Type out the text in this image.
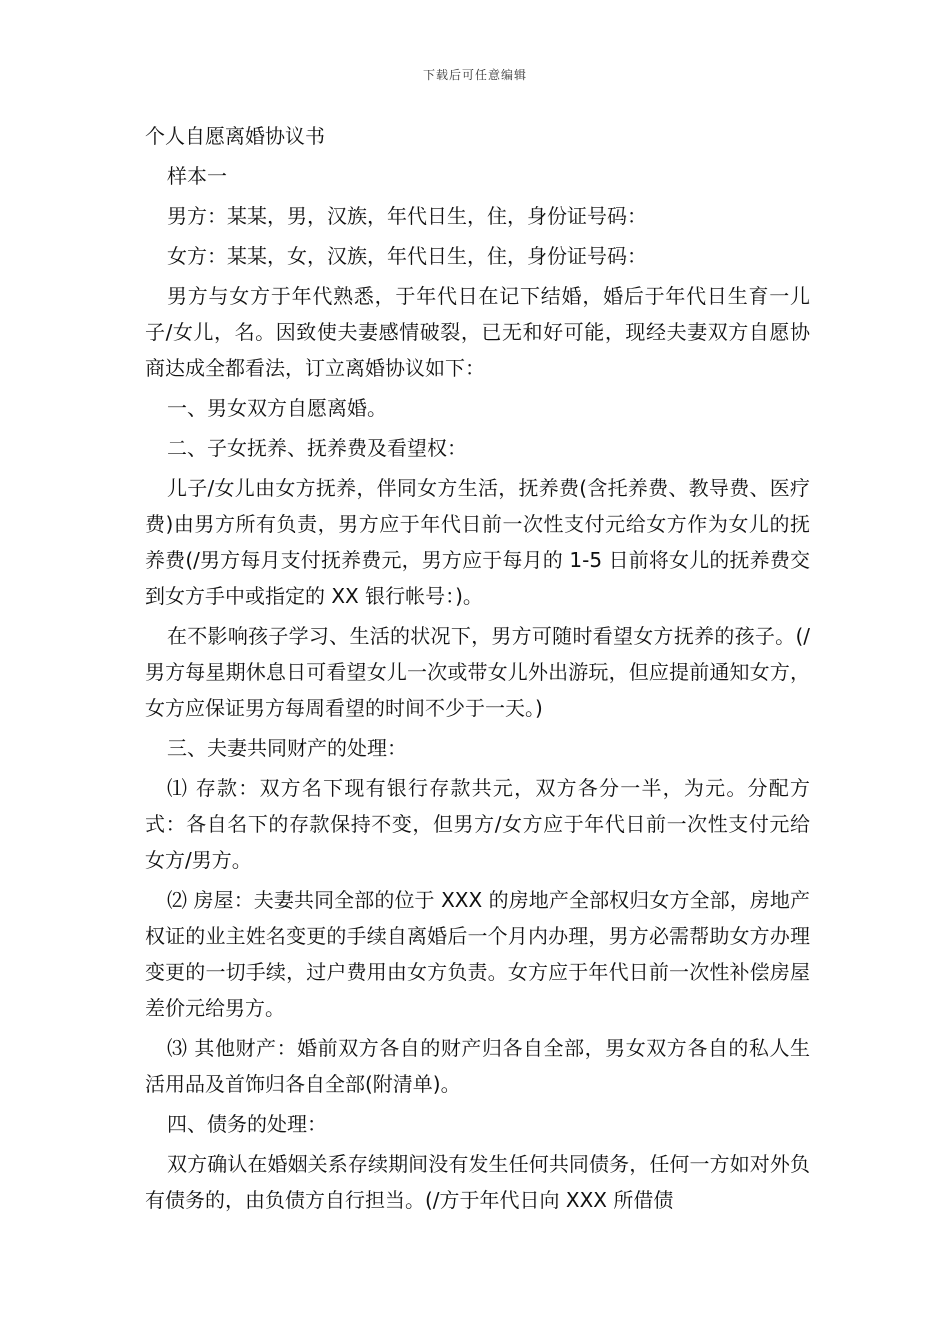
下载后可任意编辑
个人自愿离婚协议书

样本一

男方：某某，男，汉族，年代日生，住，身份证号码：

女方：某某，女，汉族，年代日生，住，身份证号码：

男方与女方于年代熟悉，于年代日在记下结婚，婚后于年代日生育一儿子/女儿，名。因致使夫妻感情破裂，已无和好可能，现经夫妻双方自愿协商达成全都看法，订立离婚协议如下：

一、男女双方自愿离婚。

二、子女抚养、抚养费及看望权：

儿子/女儿由女方抚养，伴同女方生活，抚养费(含托养费、教导费、医疗费)由男方所有负责，男方应于年代日前一次性支付元给女方作为女儿的抚养费(/男方每月支付抚养费元，男方应于每月的 1-5 日前将女儿的抚养费交到女方手中或指定的 XX 银行帐号：)。

在不影响孩子学习、生活的状况下，男方可随时看望女方抚养的孩子。(/男方每星期休息日可看望女儿一次或带女儿外出游玩，但应提前通知女方，女方应保证男方每周看望的时间不少于一天。)

三、夫妻共同财产的处理：

⑴ 存款：双方名下现有银行存款共元，双方各分一半，为元。分配方式：各自名下的存款保持不变，但男方/女方应于年代日前一次性支付元给女方/男方。

⑵ 房屋：夫妻共同全部的位于 XXX 的房地产全部权归女方全部，房地产权证的业主姓名变更的手续自离婚后一个月内办理，男方必需帮助女方办理变更的一切手续，过户费用由女方负责。女方应于年代日前一次性补偿房屋差价元给男方。

⑶ 其他财产：婚前双方各自的财产归各自全部，男女双方各自的私人生活用品及首饰归各自全部(附清单)。

四、债务的处理：

双方确认在婚姻关系存续期间没有发生任何共同债务，任何一方如对外负有债务的，由负债方自行担当。(/方于年代日向 XXX 所借债
